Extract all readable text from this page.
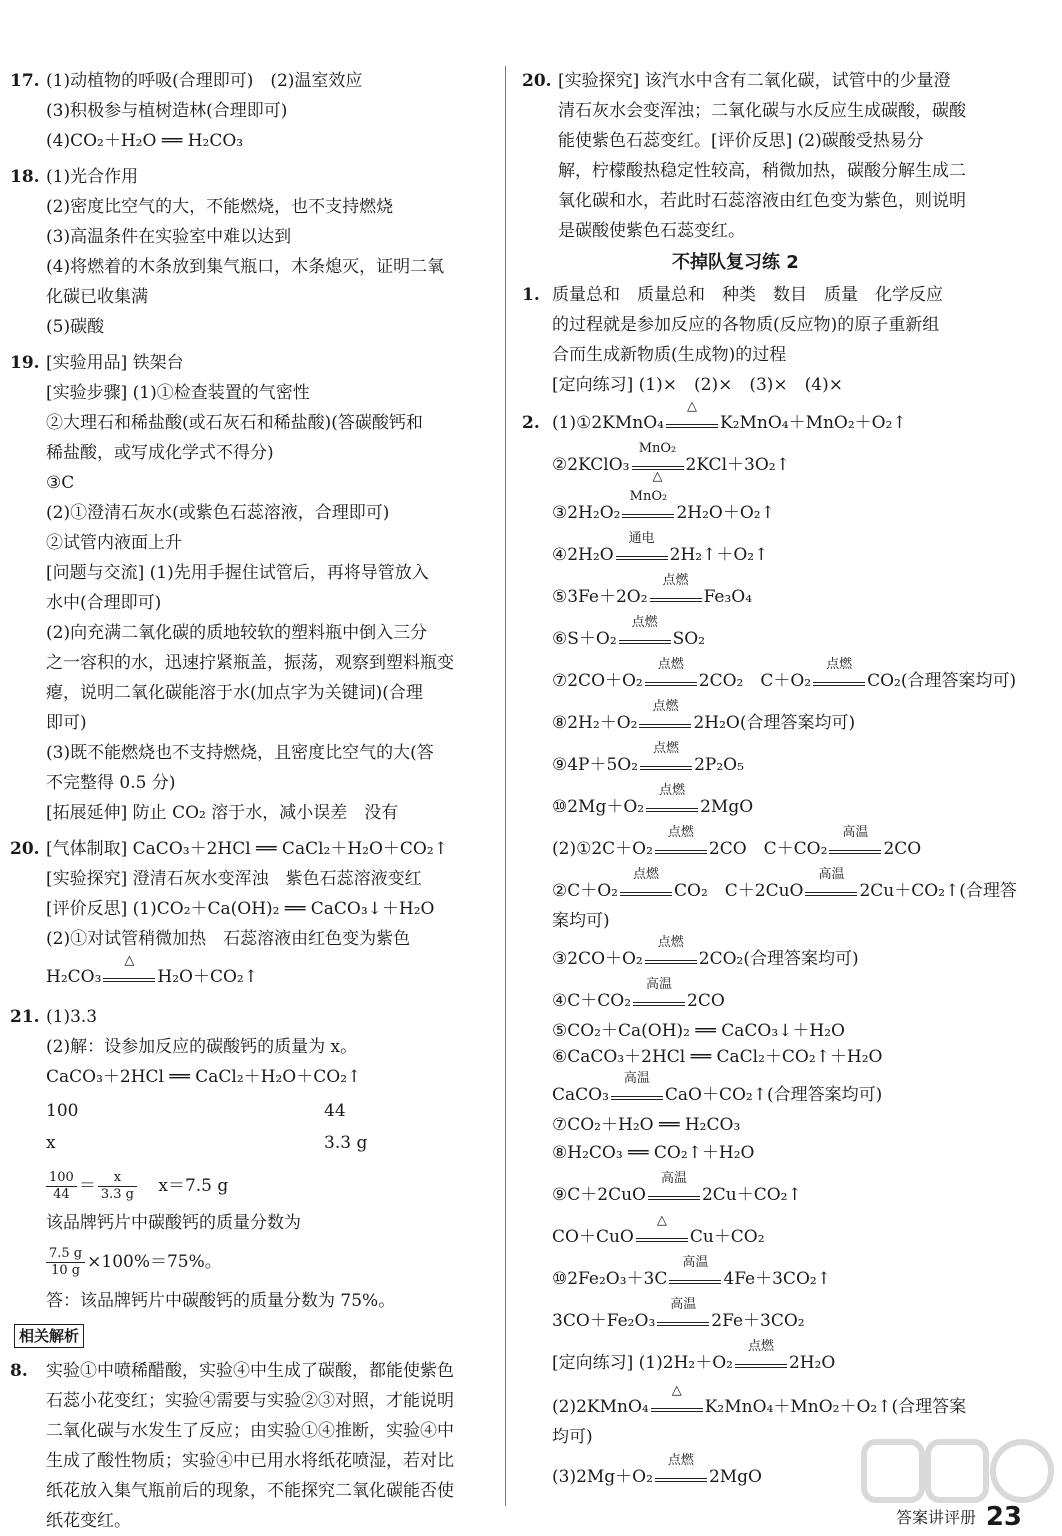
17. (1)动植物的呼吸(合理即可)　(2)温室效应
(3)积极参与植树造林(合理即可)
(4)CO₂＋H₂O ══ H₂CO₃
18. (1)光合作用
(2)密度比空气的大，不能燃烧，也不支持燃烧
(3)高温条件在实验室中难以达到
(4)将燃着的木条放到集气瓶口，木条熄灭，证明二氧
化碳已收集满
(5)碳酸
19. [实验用品] 铁架台
[实验步骤] (1)①检查装置的气密性
②大理石和稀盐酸(或石灰石和稀盐酸)(答碳酸钙和
稀盐酸，或写成化学式不得分)
③C
(2)①澄清石灰水(或紫色石蕊溶液，合理即可)
②试管内液面上升
[问题与交流] (1)先用手握住试管后，再将导管放入
水中(合理即可)
(2)向充满二氧化碳的质地较软的塑料瓶中倒入三分
之一容积的水，迅速拧紧瓶盖，振荡，观察到塑料瓶变
瘪，说明二氧化碳能溶于水(加点字为关键词)(合理
即可)
(3)既不能燃烧也不支持燃烧，且密度比空气的大(答
不完整得 0.5 分)
[拓展延伸] 防止 CO₂ 溶于水，减小误差　没有
20. [气体制取] CaCO₃＋2HCl ══ CaCl₂＋H₂O＋CO₂↑
[实验探究] 澄清石灰水变浑浊　紫色石蕊溶液变红
[评价反思] (1)CO₂＋Ca(OH)₂ ══ CaCO₃↓＋H₂O
(2)①对试管稍微加热　石蕊溶液由红色变为紫色
H₂CO₃
△
H₂O＋CO₂↑
21. (1)3.3
(2)解：设参加反应的碳酸钙的质量为 x。
CaCO₃＋2HCl ══ CaCl₂＋H₂O＋CO₂↑
100	44
x	3.3 g
$\frac{100}{44} = \frac{x}{3.3 g} x=7.5$ g
该品牌钙片中碳酸钙的质量分数为
$\frac{7.5 g}{10 g} \times 100\%=75\%$。
答：该品牌钙片中碳酸钙的质量分数为 75%。
相关解析
8. 实验①中喷稀醋酸，实验④中生成了碳酸，都能使紫色
石蕊小花变红；实验④需要与实验②③对照，才能说明
二氧化碳与水发生了反应；由实验①④推断，实验④中
生成了酸性物质；实验④中已用水将纸花喷湿，若对比
纸花放入集气瓶前后的现象，不能探究二氧化碳能否使
纸花变红。
20. [实验探究] 该汽水中含有二氧化碳，试管中的少量澄
清石灰水会变浑浊；二氧化碳与水反应生成碳酸，碳酸
能使紫色石蕊变红。[评价反思] (2)碳酸受热易分
解，柠檬酸热稳定性较高，稍微加热，碳酸分解生成二
氧化碳和水，若此时石蕊溶液由红色变为紫色，则说明
是碳酸使紫色石蕊变红。
不掉队复习练 2
1. 质量总和　质量总和　种类　数目　质量　化学反应
的过程就是参加反应的各物质(反应物)的原子重新组
合而生成新物质(生成物)的过程
[定向练习] (1)×　(2)×　(3)×　(4)×
2. (1)①2KMnO₄
△
K₂MnO₄＋MnO₂＋O₂↑
②2KClO₃
MnO₂
△
2KCl＋3O₂↑
③2H₂O₂
MnO₂
2H₂O＋O₂↑
④2H₂O
通电
2H₂↑＋O₂↑
⑤3Fe＋2O₂
点燃
Fe₃O₄
⑥S＋O₂
点燃
SO₂
⑦2CO＋O₂
点燃
2CO₂　C＋O₂
点燃
CO₂(合理答案均可)
⑧2H₂＋O₂
点燃
2H₂O(合理答案均可)
⑨4P＋5O₂
点燃
2P₂O₅
⑩2Mg＋O₂
点燃
2MgO
(2)①2C＋O₂
点燃
2CO　C＋CO₂
高温
2CO
②C＋O₂
点燃
CO₂　C＋2CuO
高温
2Cu＋CO₂↑(合理答
案均可)
③2CO＋O₂
点燃
2CO₂(合理答案均可)
④C＋CO₂
高温
2CO
⑤CO₂＋Ca(OH)₂ ══ CaCO₃↓＋H₂O
⑥CaCO₃＋2HCl ══ CaCl₂＋CO₂↑＋H₂O
CaCO₃
高温
CaO＋CO₂↑(合理答案均可)
⑦CO₂＋H₂O ══ H₂CO₃
⑧H₂CO₃ ══ CO₂↑＋H₂O
⑨C＋2CuO
高温
2Cu＋CO₂↑
CO＋CuO
△
Cu＋CO₂
⑩2Fe₂O₃＋3C
高温
4Fe＋3CO₂↑
3CO＋Fe₂O₃
高温
2Fe＋3CO₂
[定向练习] (1)2H₂＋O₂
点燃
2H₂O
(2)2KMnO₄
△
K₂MnO₄＋MnO₂＋O₂↑(合理答案
均可)
(3)2Mg＋O₂
点燃
2MgO
答案讲评册 23
